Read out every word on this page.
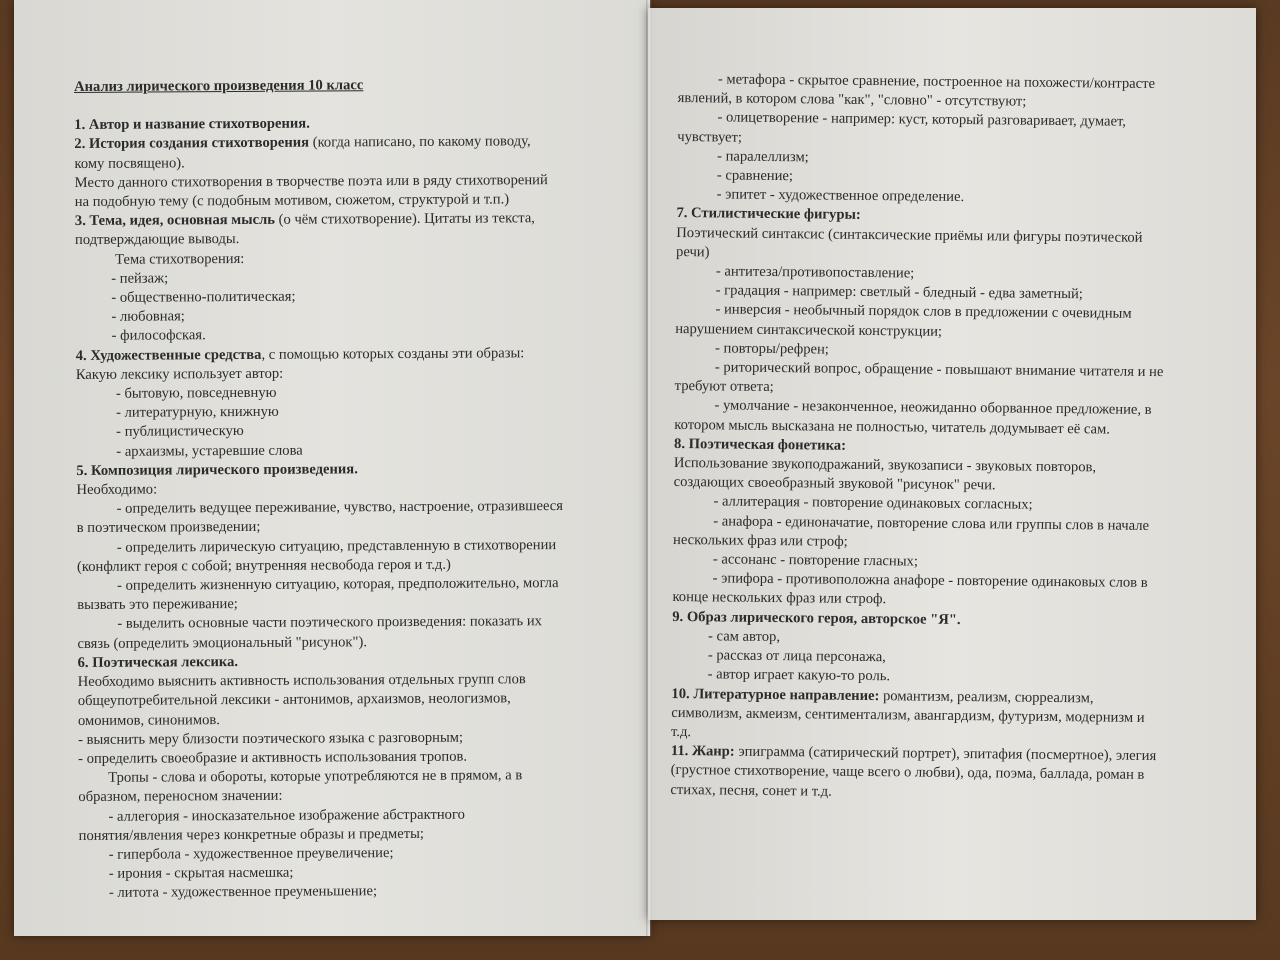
Анализ лирического произведения 10 класс
1. Автор и название стихотворения.
2. История создания стихотворения (когда написано, по какому поводу,
кому посвящено).
Место данного стихотворения в творчестве поэта или в ряду стихотворений
на подобную тему (с подобным мотивом, сюжетом, структурой и т.п.)
3. Тема, идея, основная мысль (о чём стихотворение). Цитаты из текста,
подтверждающие выводы.
Тема стихотворения:
- пейзаж;
- общественно-политическая;
- любовная;
- философская.
4. Художественные средства, с помощью которых созданы эти образы:
Какую лексику использует автор:
- бытовую, повседневную
- литературную, книжную
- публицистическую
- архаизмы, устаревшие слова
5. Композиция лирического произведения.
Необходимо:
- определить ведущее переживание, чувство, настроение, отразившееся
в поэтическом произведении;
- определить лирическую ситуацию, представленную в стихотворении
(конфликт героя с собой; внутренняя несвобода героя и т.д.)
- определить жизненную ситуацию, которая, предположительно, могла
вызвать это переживание;
- выделить основные части поэтического произведения: показать их
связь (определить эмоциональный "рисунок").
6. Поэтическая лексика.
Необходимо выяснить активность использования отдельных групп слов
общеупотребительной лексики - антонимов, архаизмов, неологизмов,
омонимов, синонимов.
- выяснить меру близости поэтического языка с разговорным;
- определить своеобразие и активность использования тропов.
Тропы - слова и обороты, которые употребляются не в прямом, а в
образном, переносном значении:
- аллегория - иносказательное изображение абстрактного
понятия/явления через конкретные образы и предметы;
- гипербола - художественное преувеличение;
- ирония - скрытая насмешка;
- литота - художественное преуменьшение;
- метафора - скрытое сравнение, построенное на похожести/контрасте
явлений, в котором слова "как", "словно" - отсутствуют;
- олицетворение - например: куст, который разговаривает, думает,
чувствует;
- паралеллизм;
- сравнение;
- эпитет - художественное определение.
7. Стилистические фигуры:
Поэтический синтаксис (синтаксические приёмы или фигуры поэтической
речи)
- антитеза/противопоставление;
- градация - например: светлый - бледный - едва заметный;
- инверсия - необычный порядок слов в предложении с очевидным
нарушением синтаксической конструкции;
- повторы/рефрен;
- риторический вопрос, обращение - повышают внимание читателя и не
требуют ответа;
- умолчание - незаконченное, неожиданно оборванное предложение, в
котором мысль высказана не полностью, читатель додумывает её сам.
8. Поэтическая фонетика:
Использование звукоподражаний, звукозаписи - звуковых повторов,
создающих своеобразный звуковой "рисунок" речи.
- аллитерация - повторение одинаковых согласных;
- анафора - единоначатие, повторение слова или группы слов в начале
нескольких фраз или строф;
- ассонанс - повторение гласных;
- эпифора - противоположна анафоре - повторение одинаковых слов в
конце нескольких фраз или строф.
9. Образ лирического героя, авторское "Я".
- сам автор,
- рассказ от лица персонажа,
- автор играет какую-то роль.
10. Литературное направление: романтизм, реализм, сюрреализм,
символизм, акмеизм, сентиментализм, авангардизм, футуризм, модернизм и
т.д.
11. Жанр: эпиграмма (сатирический портрет), эпитафия (посмертное), элегия
(грустное стихотворение, чаще всего о любви), ода, поэма, баллада, роман в
стихах, песня, сонет и т.д.
